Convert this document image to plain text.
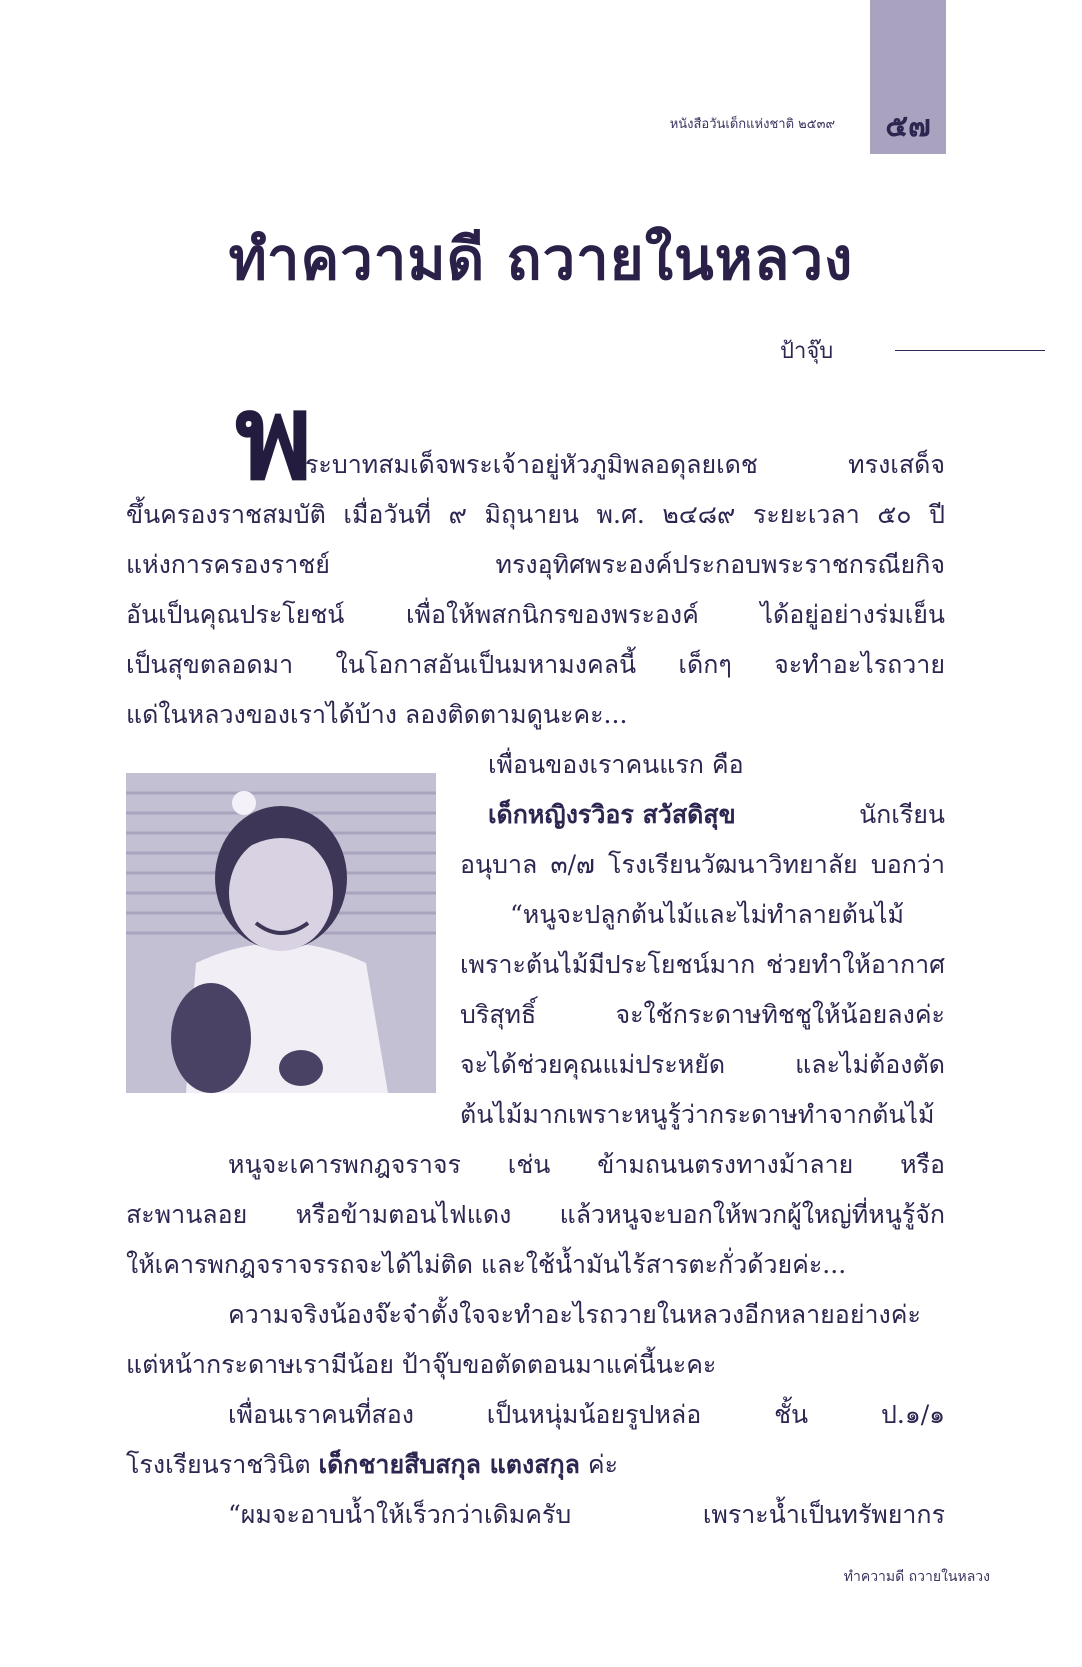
๕๗
หนังสือวันเด็กแห่งชาติ ๒๕๓๙
ทำความดี ถวายในหลวง
ป้าจุ๊บ
พ
ระบาทสมเด็จพระเจ้าอยู่หัวภูมิพลอดุลยเดช ทรงเสด็จ
ขึ้นครองราชสมบัติ เมื่อวันที่ ๙ มิถุนายน พ.ศ. ๒๔๘๙ ระยะเวลา ๕๐ ปี
แห่งการครองราชย์ ทรงอุทิศพระองค์ประกอบพระราชกรณียกิจ
อันเป็นคุณประโยชน์ เพื่อให้พสกนิกรของพระองค์ ได้อยู่อย่างร่มเย็น
เป็นสุขตลอดมา ในโอกาสอันเป็นมหามงคลนี้ เด็กๆ จะทำอะไรถวาย
แด่ในหลวงของเราได้บ้าง ลองติดตามดูนะคะ...
เพื่อนของเราคนแรก คือ
เด็กหญิงรวิอร สวัสดิสุข	นักเรียน
อนุบาล ๓/๗ โรงเรียนวัฒนาวิทยาลัย บอกว่า
“หนูจะปลูกต้นไม้และไม่ทำลายต้นไม้
เพราะต้นไม้มีประโยชน์มาก ช่วยทำให้อากาศ
บริสุทธิ์ จะใช้กระดาษทิชชูให้น้อยลงค่ะ
จะได้ช่วยคุณแม่ประหยัด และไม่ต้องตัด
ต้นไม้มากเพราะหนูรู้ว่ากระดาษทำจากต้นไม้
หนูจะเคารพกฎจราจร เช่น ข้ามถนนตรงทางม้าลาย หรือ
สะพานลอย หรือข้ามตอนไฟแดง แล้วหนูจะบอกให้พวกผู้ใหญ่ที่หนูรู้จัก
ให้เคารพกฎจราจรรถจะได้ไม่ติด และใช้น้ำมันไร้สารตะกั่วด้วยค่ะ...
ความจริงน้องจ๊ะจ๋าตั้งใจจะทำอะไรถวายในหลวงอีกหลายอย่างค่ะ
แต่หน้ากระดาษเรามีน้อย ป้าจุ๊บขอตัดตอนมาแค่นี้นะคะ
เพื่อนเราคนที่สอง เป็นหนุ่มน้อยรูปหล่อ ชั้น ป.๑/๑
โรงเรียนราชวินิต เด็กชายสืบสกุล แตงสกุล ค่ะ
“ผมจะอาบน้ำให้เร็วกว่าเดิมครับ เพราะน้ำเป็นทรัพยากร
ทำความดี ถวายในหลวง
